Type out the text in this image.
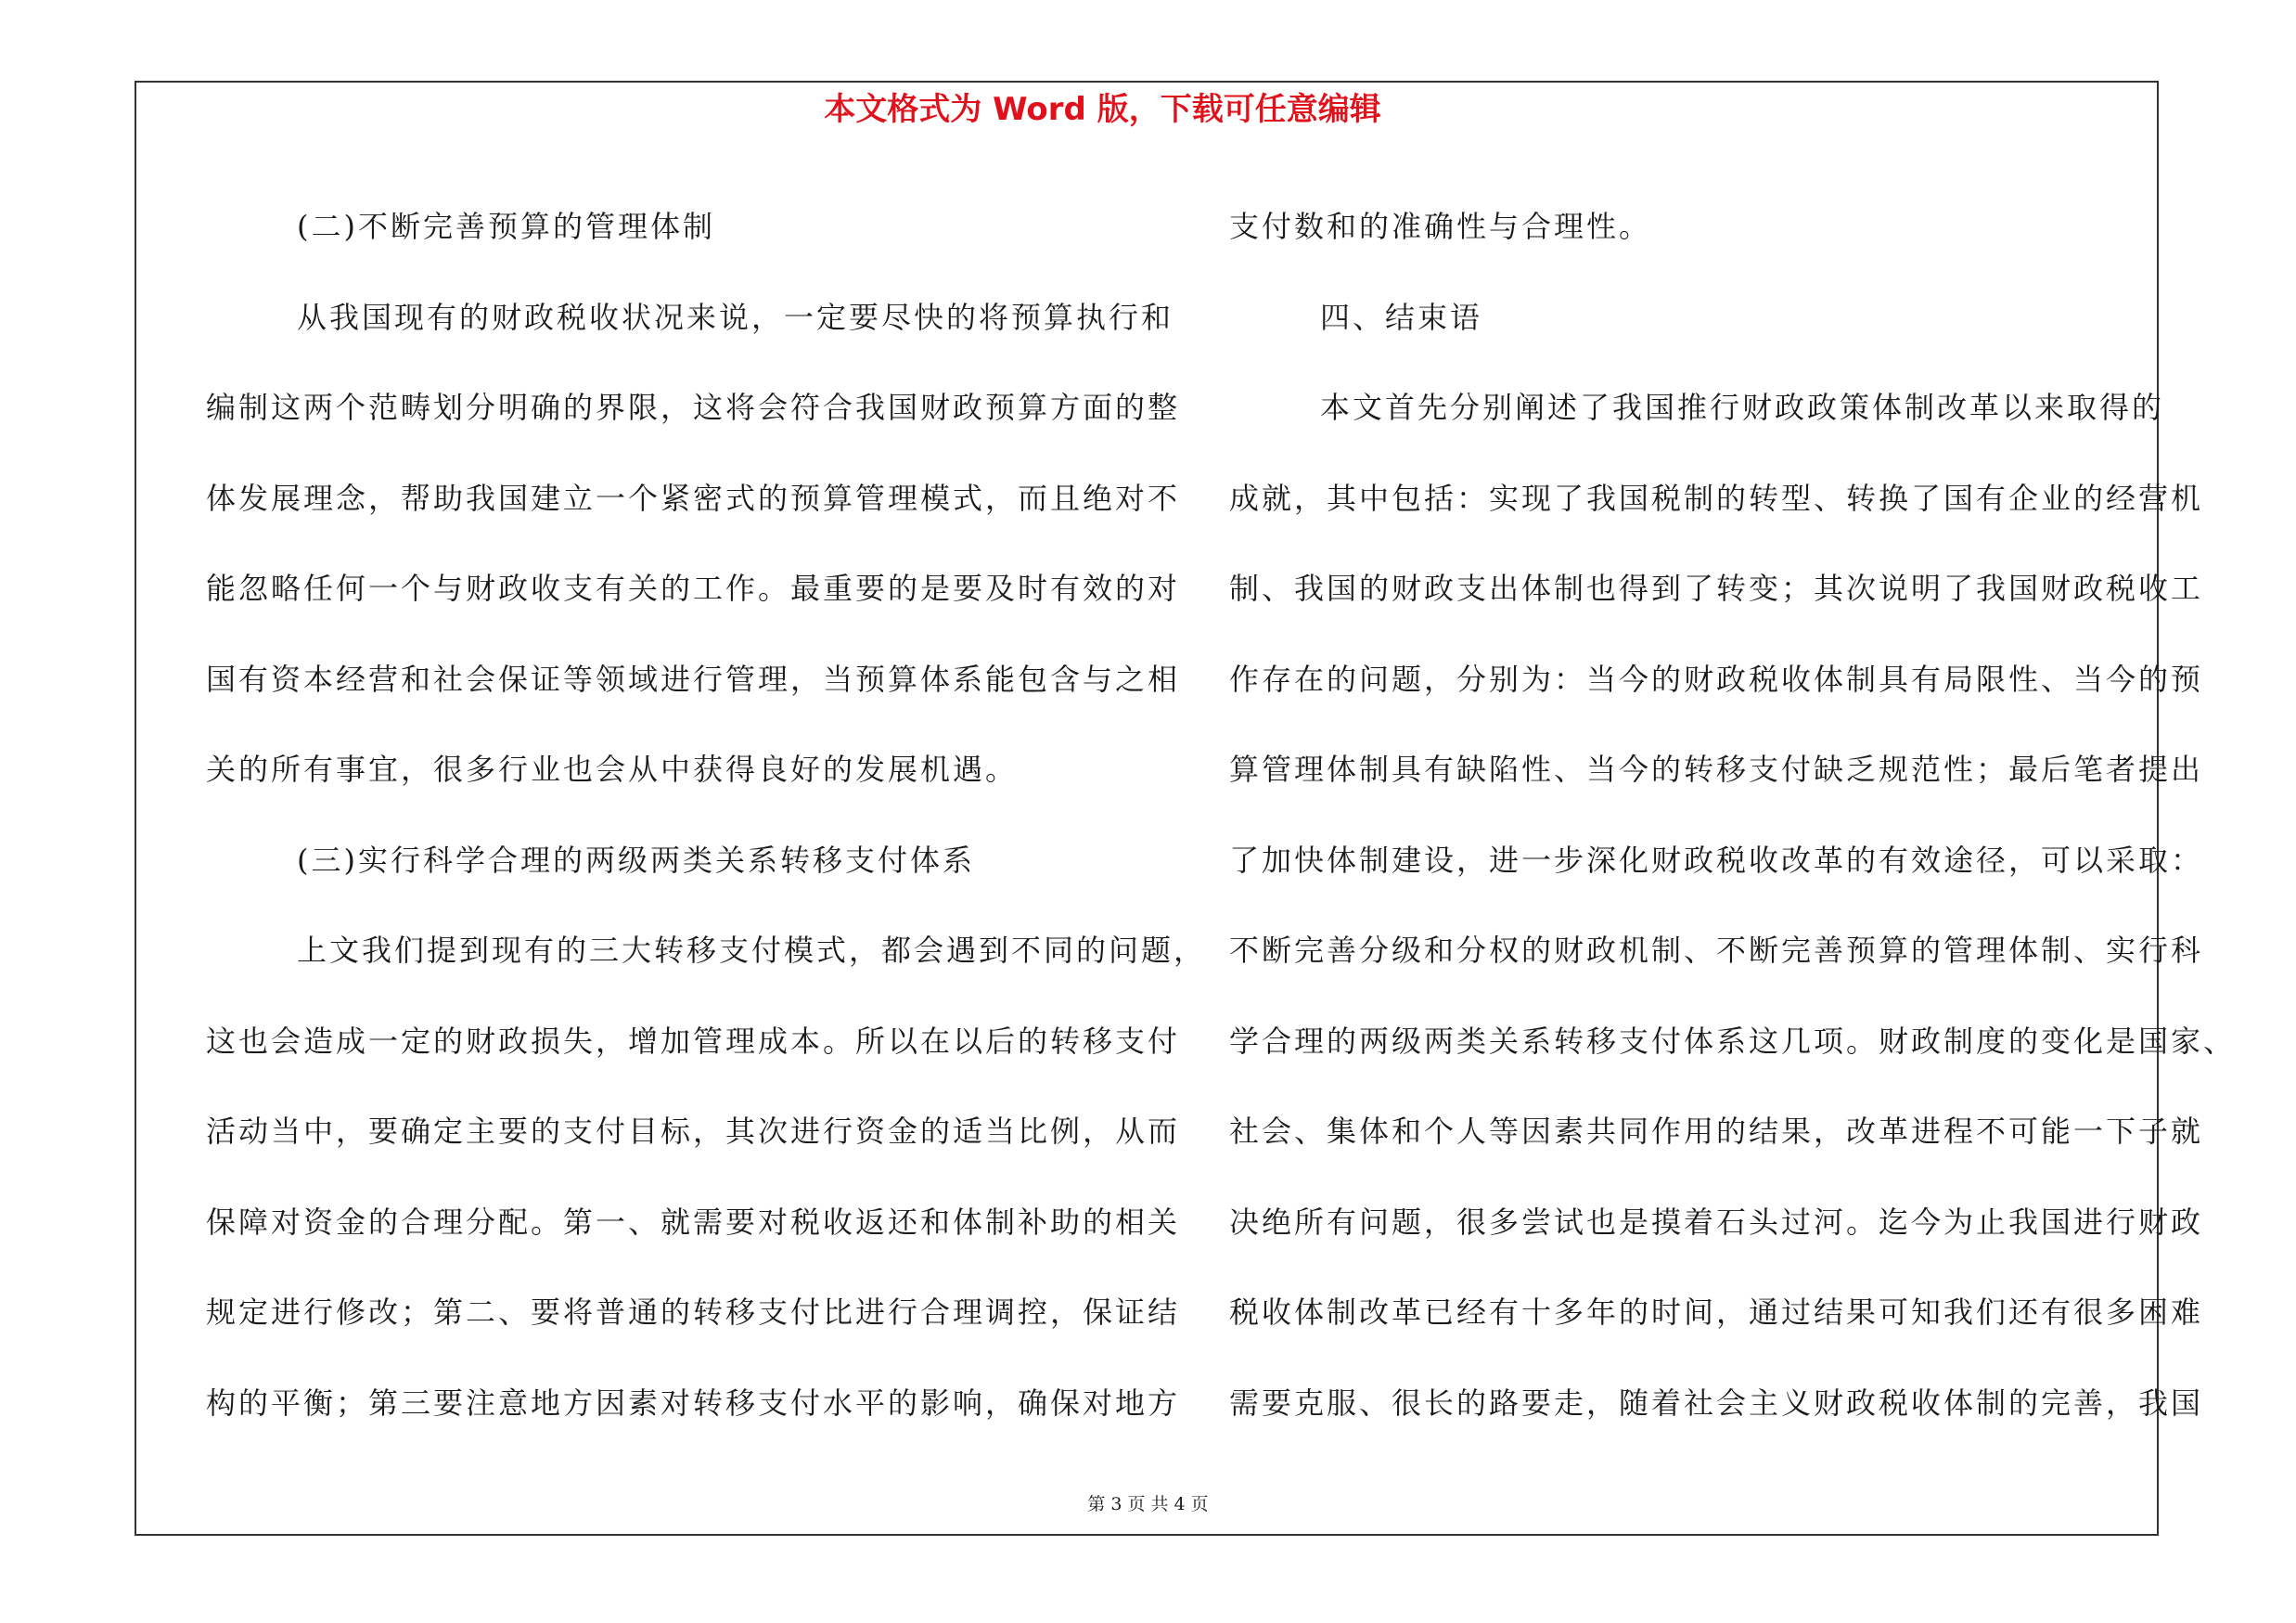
本文格式为 Word 版，下载可任意编辑
(二)不断完善预算的管理体制
从我国现有的财政税收状况来说，一定要尽快的将预算执行和
编制这两个范畴划分明确的界限，这将会符合我国财政预算方面的整
体发展理念，帮助我国建立一个紧密式的预算管理模式，而且绝对不
能忽略任何一个与财政收支有关的工作。最重要的是要及时有效的对
国有资本经营和社会保证等领域进行管理，当预算体系能包含与之相
关的所有事宜，很多行业也会从中获得良好的发展机遇。
(三)实行科学合理的两级两类关系转移支付体系
上文我们提到现有的三大转移支付模式，都会遇到不同的问题，
这也会造成一定的财政损失，增加管理成本。所以在以后的转移支付
活动当中，要确定主要的支付目标，其次进行资金的适当比例，从而
保障对资金的合理分配。第一、就需要对税收返还和体制补助的相关
规定进行修改；第二、要将普通的转移支付比进行合理调控，保证结
构的平衡；第三要注意地方因素对转移支付水平的影响，确保对地方
支付数和的准确性与合理性。
四、结束语
本文首先分别阐述了我国推行财政政策体制改革以来取得的
成就，其中包括：实现了我国税制的转型、转换了国有企业的经营机
制、我国的财政支出体制也得到了转变；其次说明了我国财政税收工
作存在的问题，分别为：当今的财政税收体制具有局限性、当今的预
算管理体制具有缺陷性、当今的转移支付缺乏规范性；最后笔者提出
了加快体制建设，进一步深化财政税收改革的有效途径，可以采取：
不断完善分级和分权的财政机制、不断完善预算的管理体制、实行科
学合理的两级两类关系转移支付体系这几项。财政制度的变化是国家、
社会、集体和个人等因素共同作用的结果，改革进程不可能一下子就
决绝所有问题，很多尝试也是摸着石头过河。迄今为止我国进行财政
税收体制改革已经有十多年的时间，通过结果可知我们还有很多困难
需要克服、很长的路要走，随着社会主义财政税收体制的完善，我国
第 3 页 共 4 页
